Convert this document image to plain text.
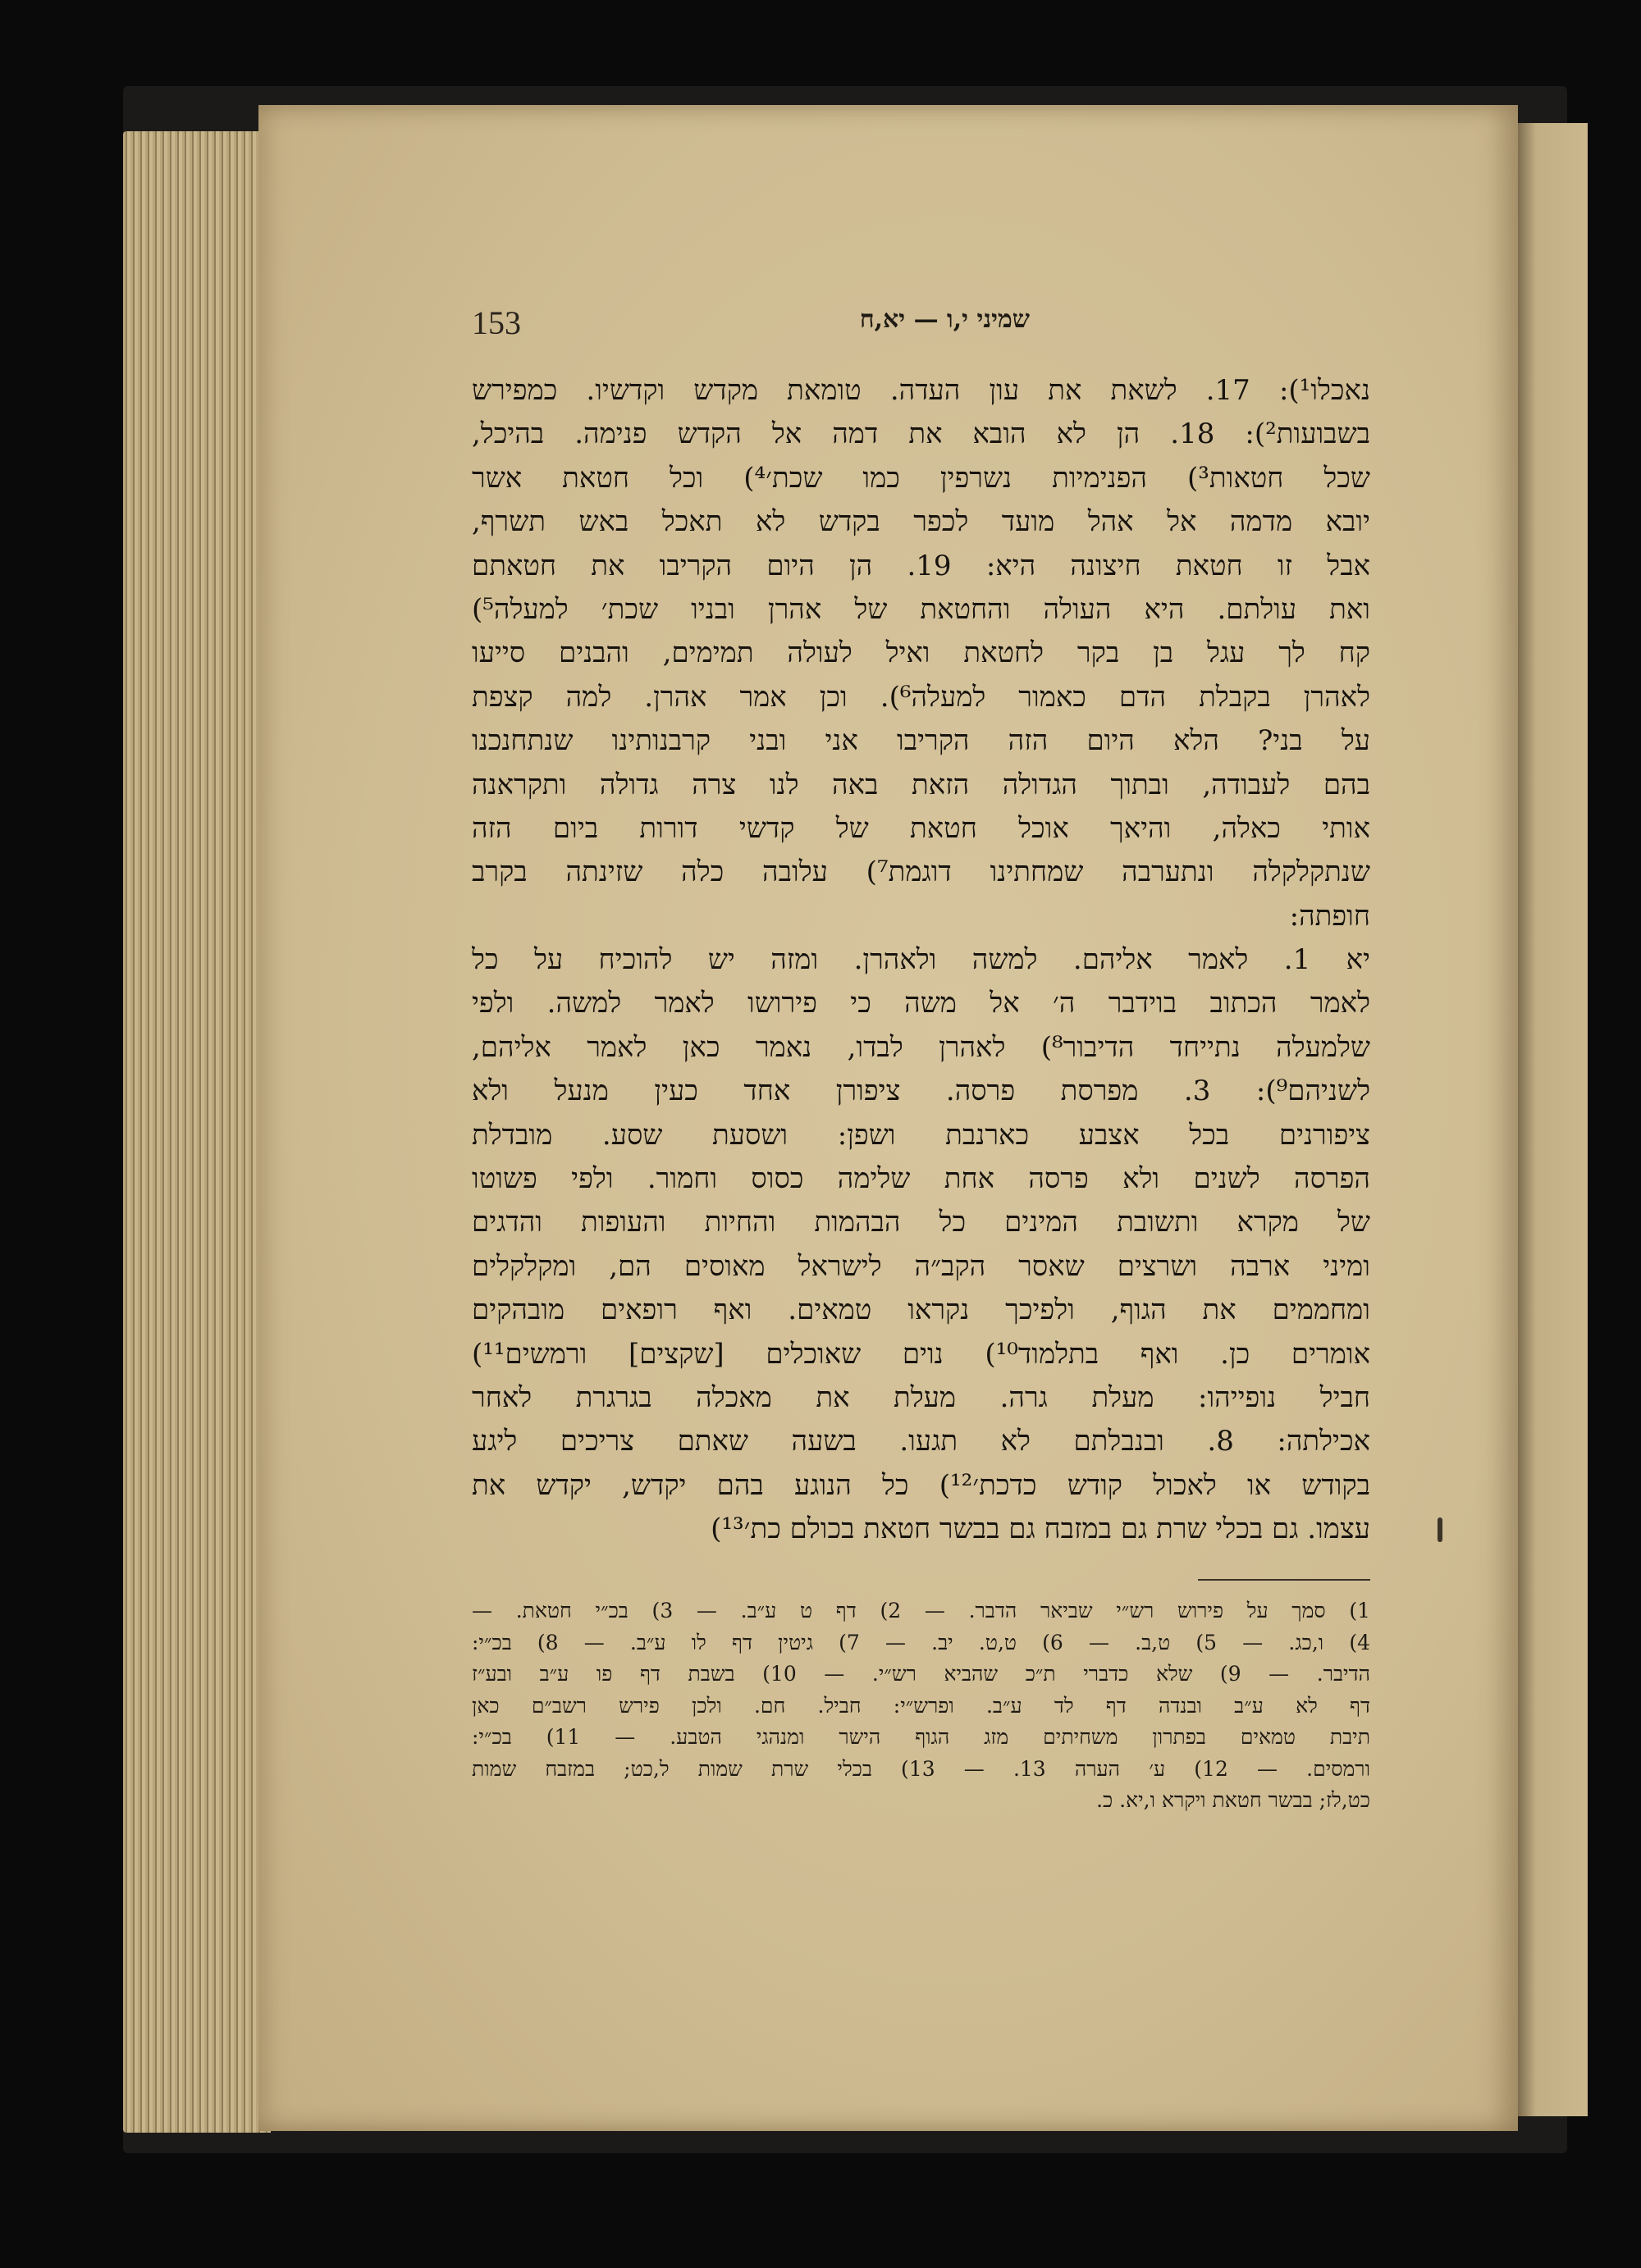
153	שמיני י,ו — יא,ח
נאכלו¹): 17. לשאת את עון העדה. טומאת מקדש וקדשיו. כמפירש
בשבועות²): 18. הן לא הובא את דמה אל הקדש פנימה. בהיכל,
שכל חטאות³) הפנימיות נשרפין כמו שכת׳⁴) וכל חטאת אשר
יובא מדמה אל אהל מועד לכפר בקדש לא תאכל באש תשרף,
אבל זו חטאת חיצונה היא: 19. הן היום הקריבו את חטאתם
ואת עולתם. היא העולה והחטאת של אהרן ובניו שכת׳ למעלה⁵)
קח לך עגל בן בקר לחטאת ואיל לעולה תמימים, והבנים סייעו
לאהרן בקבלת הדם כאמור למעלה⁶). וכן אמר אהרן. למה קצפת
על בני? הלא היום הזה הקריבו אני ובני קרבנותינו שנתחנכנו
בהם לעבודה, ובתוך הגדולה הזאת באה לנו צרה גדולה ותקראנה
אותי כאלה, והיאך אוכל חטאת של קדשי דורות ביום הזה
שנתקלקלה ונתערבה שמחתינו דוגמת⁷) עלובה כלה שזינתה בקרב
חופתה:
יא 1. לאמר אליהם. למשה ולאהרן. ומזה יש להוכיח על כל
לאמר הכתוב בוידבר ה׳ אל משה כי פירושו לאמר למשה. ולפי
שלמעלה נתייחד הדיבור⁸) לאהרן לבדו, נאמר כאן לאמר אליהם,
לשניהם⁹): 3. מפרסת פרסה. ציפורן אחד כעין מנעל ולא
ציפורנים בכל אצבע כארנבת ושפן: ושסעת שסע. מובדלת
הפרסה לשנים ולא פרסה אחת שלימה כסוס וחמור. ולפי פשוטו
של מקרא ותשובת המינים כל הבהמות והחיות והעופות והדגים
ומיני ארבה ושרצים שאסר הקב״ה לישראל מאוסים הם, ומקלקלים
ומחממים את הגוף, ולפיכך נקראו טמאים. ואף רופאים מובהקים
אומרים כן. ואף בתלמוד¹⁰) נוים שאוכלים [שקצים] ורמשים¹¹)
חביל נופייהו: מעלת גרה. מעלת את מאכלה בגרגרת לאחר
אכילתה: 8. ובנבלתם לא תגעו. בשעה שאתם צריכים ליגע
בקודש או לאכול קודש כדכת׳¹²) כל הנוגע בהם יקדש, יקדש את
עצמו. גם בכלי שרת גם במזבח גם בבשר חטאת בכולם כת׳¹³)
1) סמך על פירוש רש״י שביאר הדבר. — 2) דף ט ע״ב. — 3) בכ״י חטאת. —
4) ו,כג. — 5) ט,ב. — 6) ט,ט. יב. — 7) גיטין דף לו ע״ב. — 8) בכ״י:
הדיבר. — 9) שלא כדברי ת״כ שהביא רש״י. — 10) בשבת דף פו ע״ב ובע״ז
דף לא ע״ב ובנדה דף לד ע״ב. ופרש״י: חביל. חם. ולכן פירש רשב״ם כאן
תיבת טמאים בפתרון משחיתים מזג הגוף הישר ומנהגי הטבע. — 11) בכ״י:
ורמסים. — 12) ע׳ הערה 13. — 13) בכלי שרת שמות ל,כט; במזבח שמות
כט,לז; בבשר חטאת ויקרא ו,יא. כ.
